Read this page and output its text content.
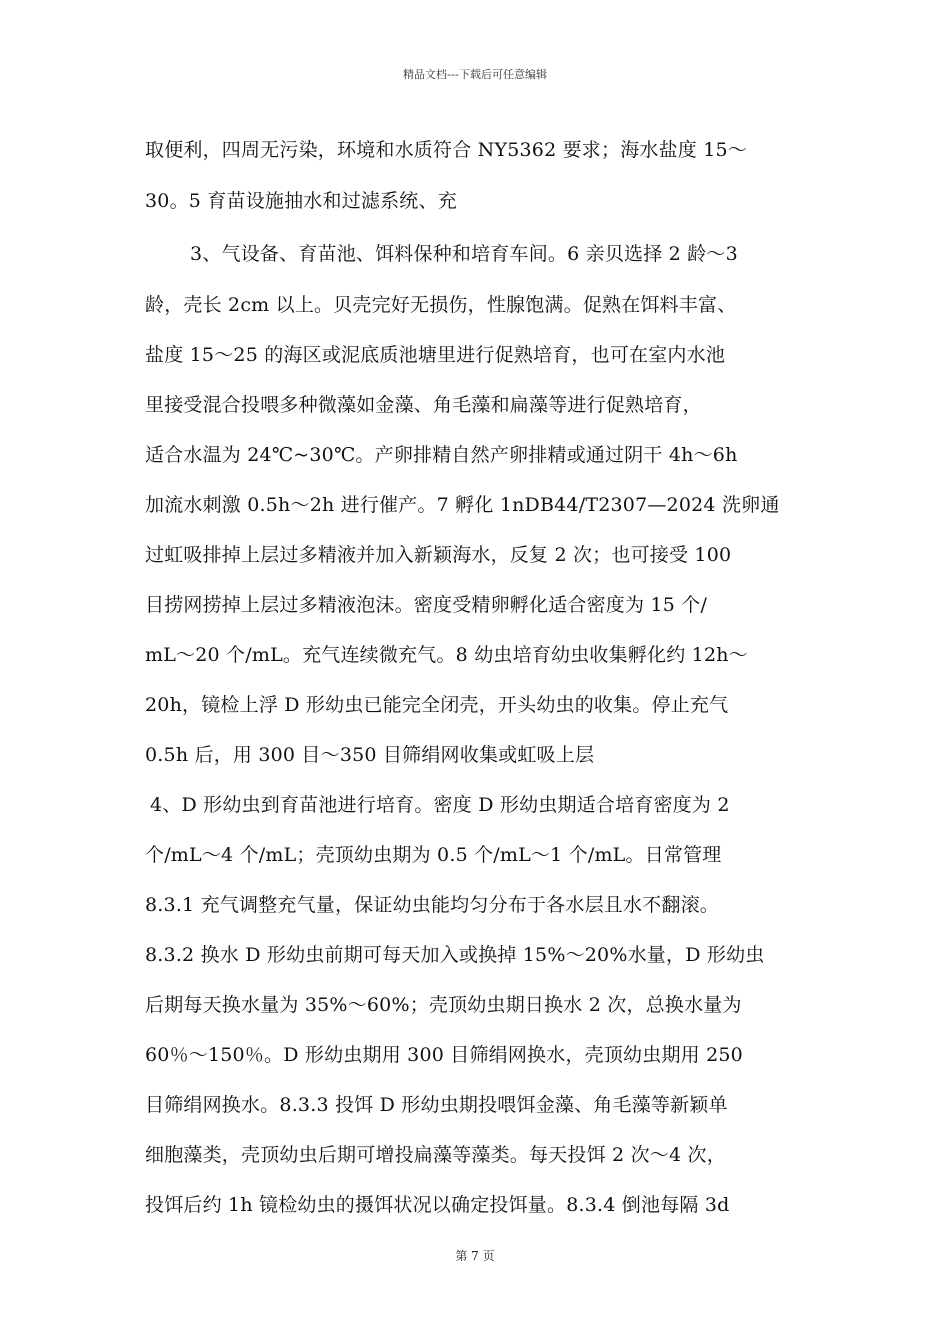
精品文档---下载后可任意编辑
取便利，四周无污染，环境和水质符合 NY5362 要求；海水盐度 15～
30。5 育苗设施抽水和过滤系统、充
3、气设备、育苗池、饵料保种和培育车间。6 亲贝选择 2 龄～3
龄，壳长 2cm 以上。贝壳完好无损伤，性腺饱满。促熟在饵料丰富、
盐度 15～25 的海区或泥底质池塘里进行促熟培育，也可在室内水池
里接受混合投喂多种微藻如金藻、角毛藻和扁藻等进行促熟培育，
适合水温为 24℃~30℃。产卵排精自然产卵排精或通过阴干 4h～6h
加流水刺激 0.5h～2h 进行催产。7 孵化 1nDB44/T2307—2024 洗卵通
过虹吸排掉上层过多精液并加入新颖海水，反复 2 次；也可接受 100
目捞网捞掉上层过多精液泡沫。密度受精卵孵化适合密度为 15 个/
mL～20 个/mL。充气连续微充气。8 幼虫培育幼虫收集孵化约 12h～
20h，镜检上浮 D 形幼虫已能完全闭壳，开头幼虫的收集。停止充气
0.5h 后，用 300 目～350 目筛绢网收集或虹吸上层
4、D 形幼虫到育苗池进行培育。密度 D 形幼虫期适合培育密度为 2
个/mL～4 个/mL；壳顶幼虫期为 0.5 个/mL～1 个/mL。日常管理
8.3.1 充气调整充气量，保证幼虫能均匀分布于各水层且水不翻滚。
8.3.2 换水 D 形幼虫前期可每天加入或换掉 15%～20%水量，D 形幼虫
后期每天换水量为 35%～60%；壳顶幼虫期日换水 2 次，总换水量为
60％～150％。D 形幼虫期用 300 目筛绢网换水，壳顶幼虫期用 250
目筛绢网换水。8.3.3 投饵 D 形幼虫期投喂饵金藻、角毛藻等新颖单
细胞藻类，壳顶幼虫后期可增投扁藻等藻类。每天投饵 2 次～4 次，
投饵后约 1h 镜检幼虫的摄饵状况以确定投饵量。8.3.4 倒池每隔 3d
第 7 页
